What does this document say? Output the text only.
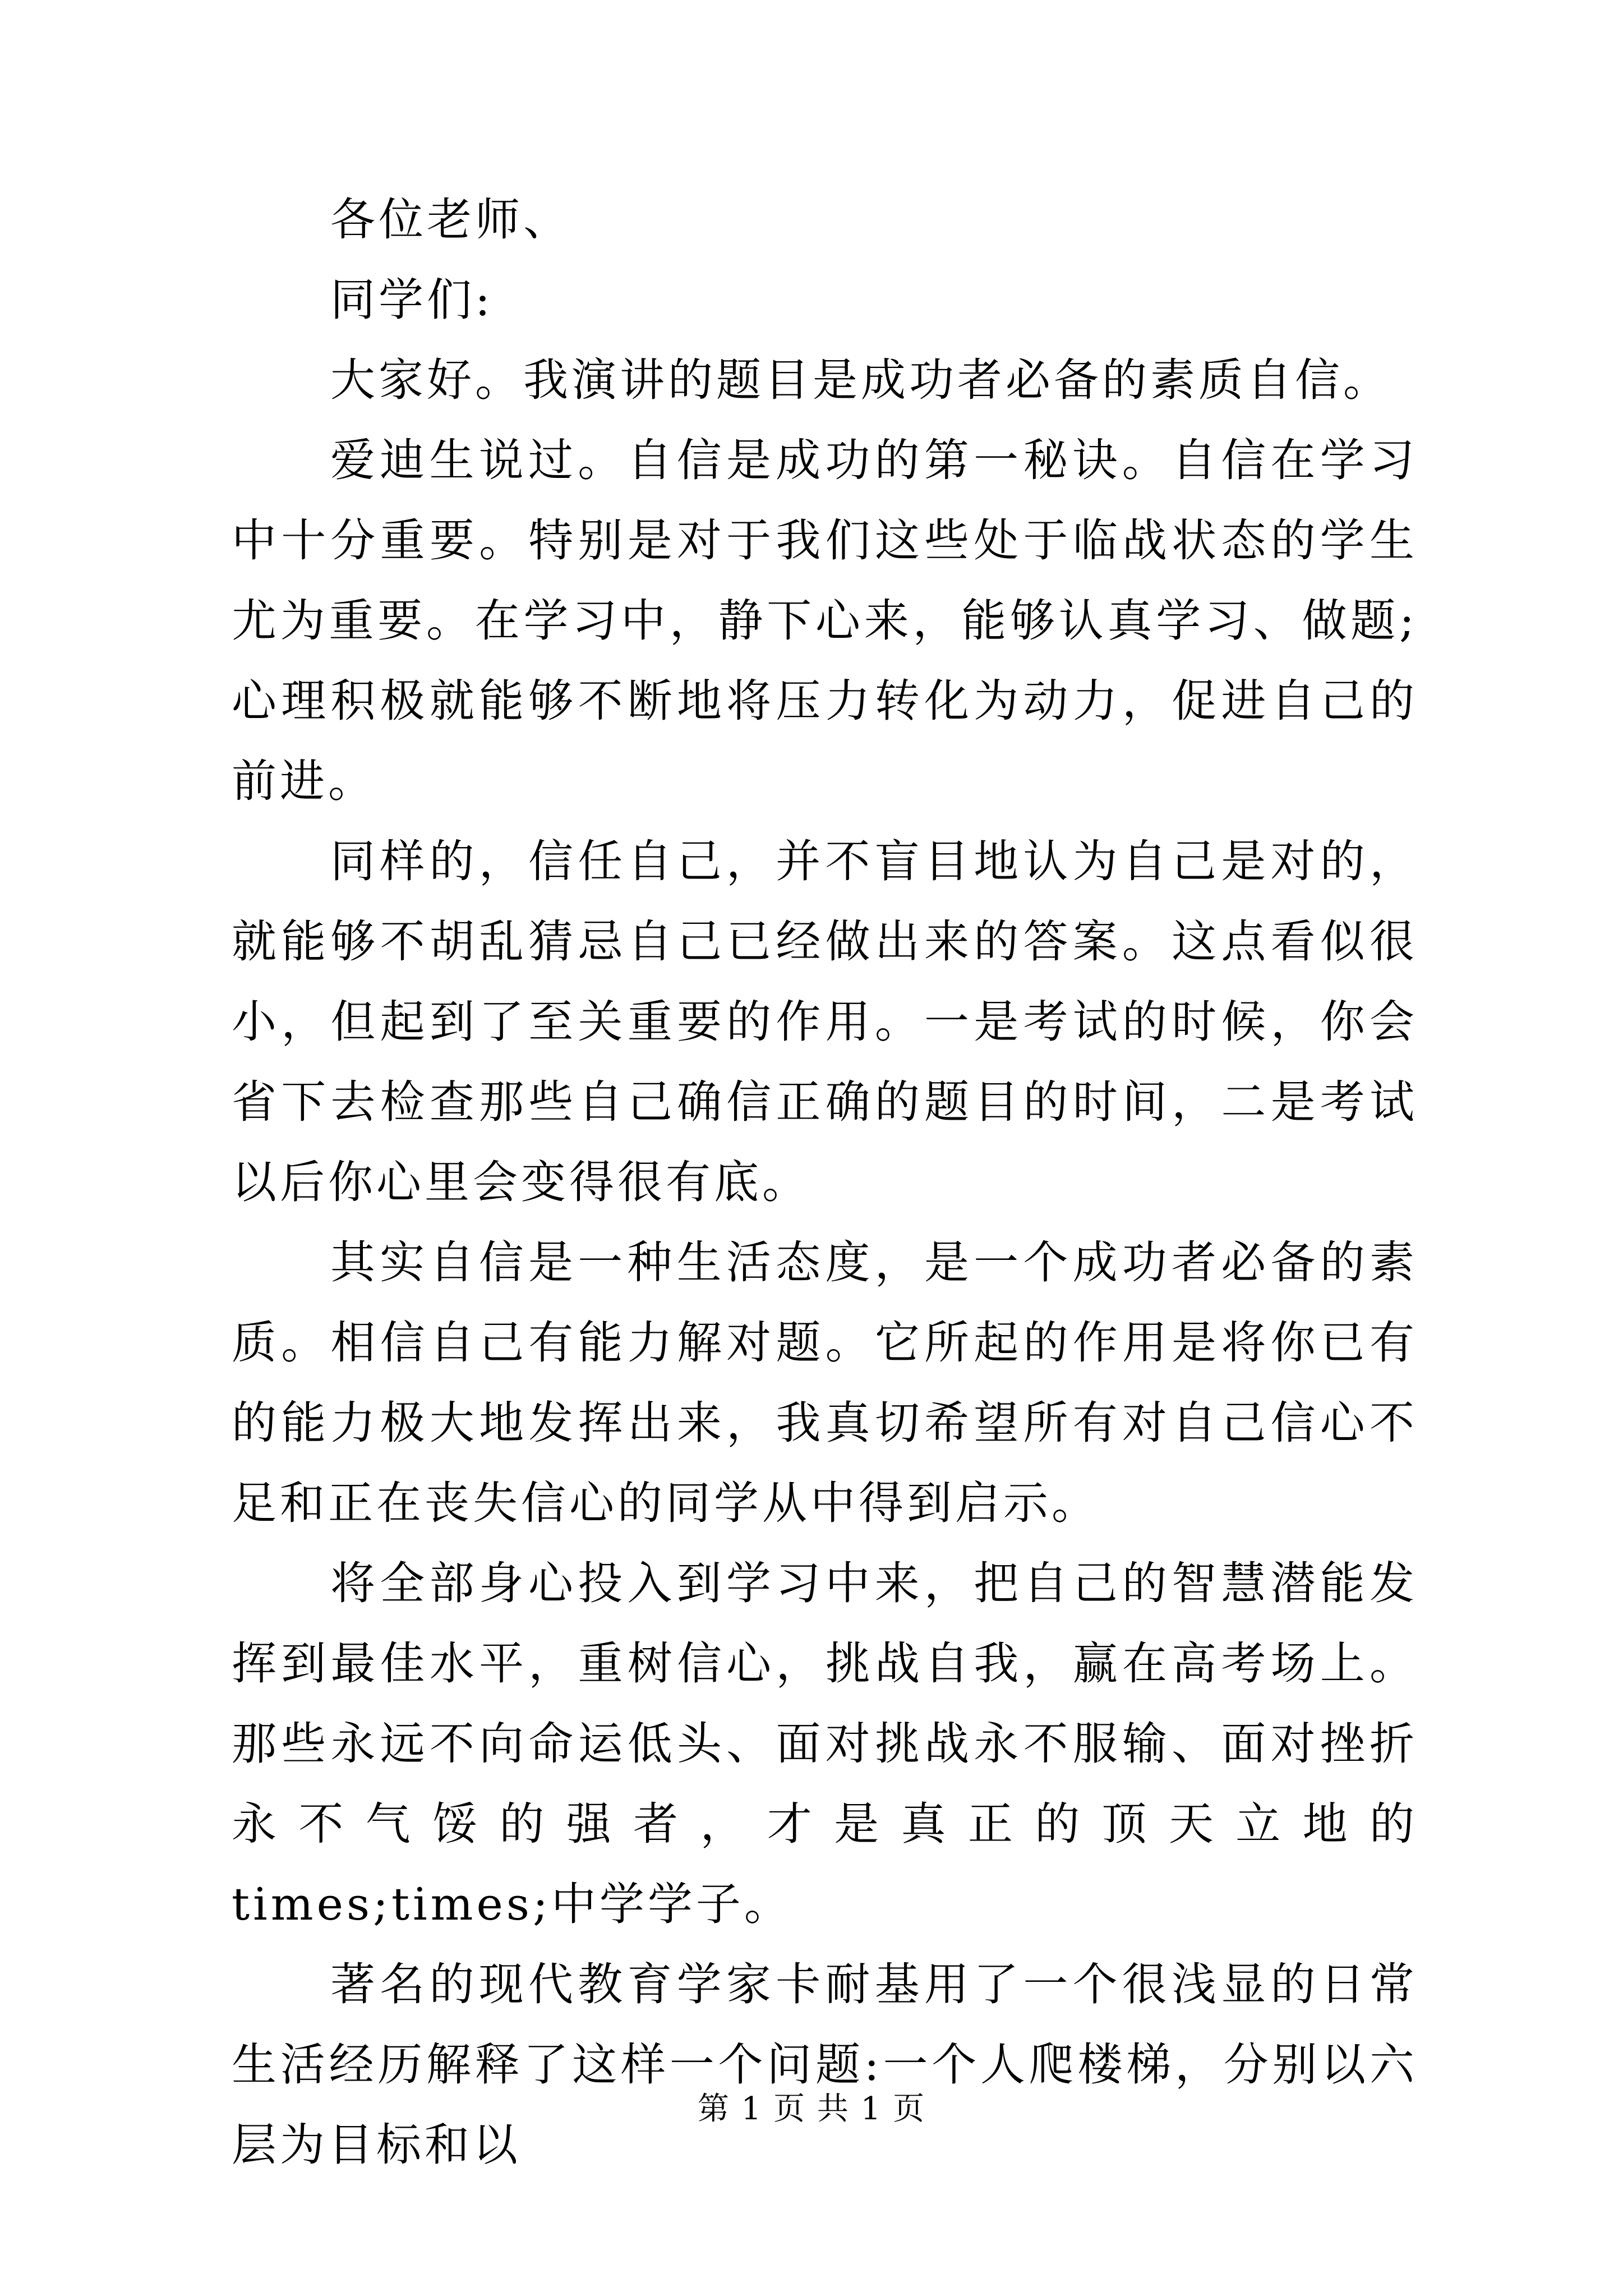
各位老师、

同学们:

大家好。我演讲的题目是成功者必备的素质自信。

爱迪生说过。自信是成功的第一秘诀。自信在学习中十分重要。特别是对于我们这些处于临战状态的学生尤为重要。在学习中，静下心来，能够认真学习、做题;心理积极就能够不断地将压力转化为动力，促进自己的前进。

同样的，信任自己，并不盲目地认为自己是对的，就能够不胡乱猜忌自己已经做出来的答案。这点看似很小，但起到了至关重要的作用。一是考试的时候，你会省下去检查那些自己确信正确的题目的时间，二是考试以后你心里会变得很有底。

其实自信是一种生活态度，是一个成功者必备的素质。相信自己有能力解对题。它所起的作用是将你已有的能力极大地发挥出来，我真切希望所有对自己信心不足和正在丧失信心的同学从中得到启示。

将全部身心投入到学习中来，把自己的智慧潜能发挥到最佳水平，重树信心，挑战自我，赢在高考场上。那些永远不向命运低头、面对挑战永不服输、面对挫折永不气馁的强者，才是真正的顶天立地的times;times;中学学子。

著名的现代教育学家卡耐基用了一个很浅显的日常生活经历解释了这样一个问题:一个人爬楼梯，分别以六层为目标和以

第 1 页 共 1 页
